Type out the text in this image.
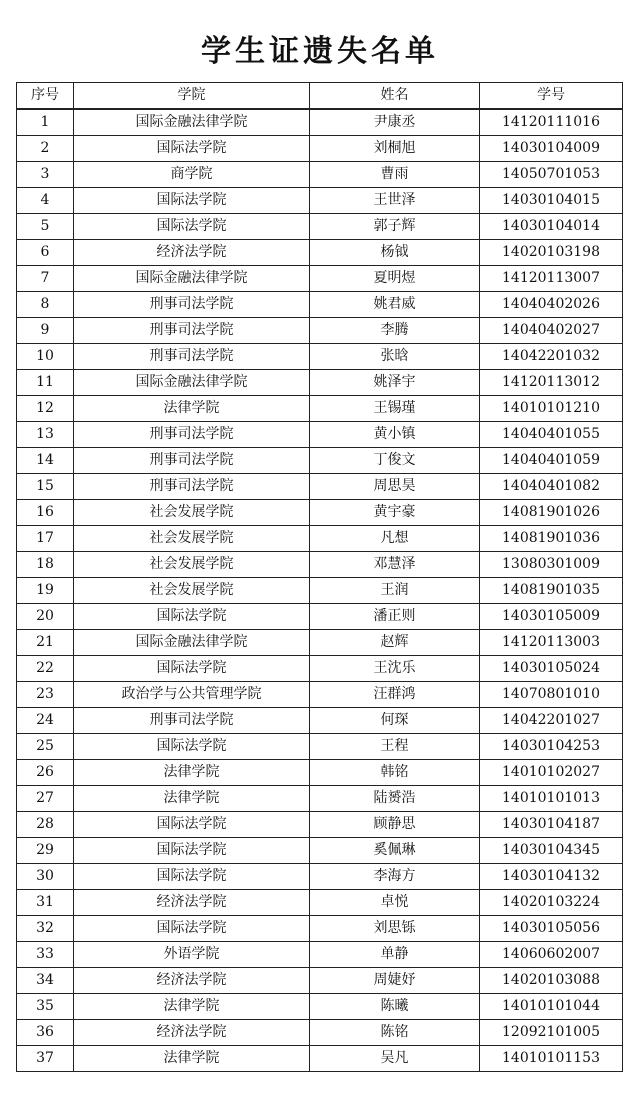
学生证遗失名单
序号	学院	姓名	学号
1	国际金融法律学院	尹康丞	14120111016
2	国际法学院	刘桐旭	14030104009
3	商学院	曹雨	14050701053
4	国际法学院	王世泽	14030104015
5	国际法学院	郭子辉	14030104014
6	经济法学院	杨钺	14020103198
7	国际金融法律学院	夏明煜	14120113007
8	刑事司法学院	姚君威	14040402026
9	刑事司法学院	李腾	14040402027
10	刑事司法学院	张晗	14042201032
11	国际金融法律学院	姚泽宇	14120113012
12	法律学院	王锡瑾	14010101210
13	刑事司法学院	黄小镇	14040401055
14	刑事司法学院	丁俊文	14040401059
15	刑事司法学院	周思昊	14040401082
16	社会发展学院	黄宇豪	14081901026
17	社会发展学院	凡想	14081901036
18	社会发展学院	邓慧泽	13080301009
19	社会发展学院	王润	14081901035
20	国际法学院	潘正则	14030105009
21	国际金融法律学院	赵辉	14120113003
22	国际法学院	王沈乐	14030105024
23	政治学与公共管理学院	汪群鸿	14070801010
24	刑事司法学院	何琛	14042201027
25	国际法学院	王程	14030104253
26	法律学院	韩铭	14010102027
27	法律学院	陆赟浩	14010101013
28	国际法学院	顾静思	14030104187
29	国际法学院	奚佩琳	14030104345
30	国际法学院	李海方	14030104132
31	经济法学院	卓悦	14020103224
32	国际法学院	刘思铄	14030105056
33	外语学院	单静	14060602007
34	经济法学院	周婕妤	14020103088
35	法律学院	陈曦	14010101044
36	经济法学院	陈铭	12092101005
37	法律学院	吴凡	14010101153
